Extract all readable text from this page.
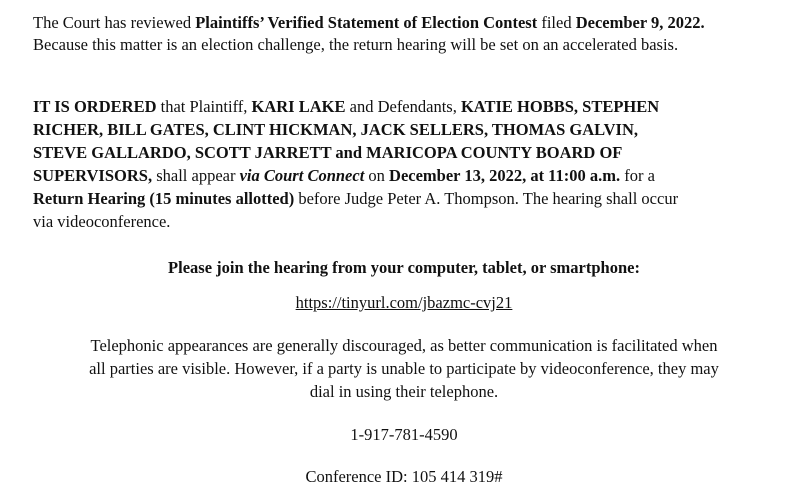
The Court has reviewed Plaintiffs’ Verified Statement of Election Contest filed December 9, 2022.
Because this matter is an election challenge, the return hearing will be set on an accelerated basis.
IT IS ORDERED that Plaintiff, KARI LAKE and Defendants, KATIE HOBBS, STEPHEN
RICHER, BILL GATES, CLINT HICKMAN, JACK SELLERS, THOMAS GALVIN,
STEVE GALLARDO, SCOTT JARRETT and MARICOPA COUNTY BOARD OF
SUPERVISORS, shall appear via Court Connect on December 13, 2022, at 11:00 a.m. for a
Return Hearing (15 minutes allotted) before Judge Peter A. Thompson. The hearing shall occur
via videoconference.
Please join the hearing from your computer, tablet, or smartphone:
https://tinyurl.com/jbazmc-cvj21
Telephonic appearances are generally discouraged, as better communication is facilitated when
all parties are visible. However, if a party is unable to participate by videoconference, they may
dial in using their telephone.
1-917-781-4590
Conference ID: 105 414 319#
